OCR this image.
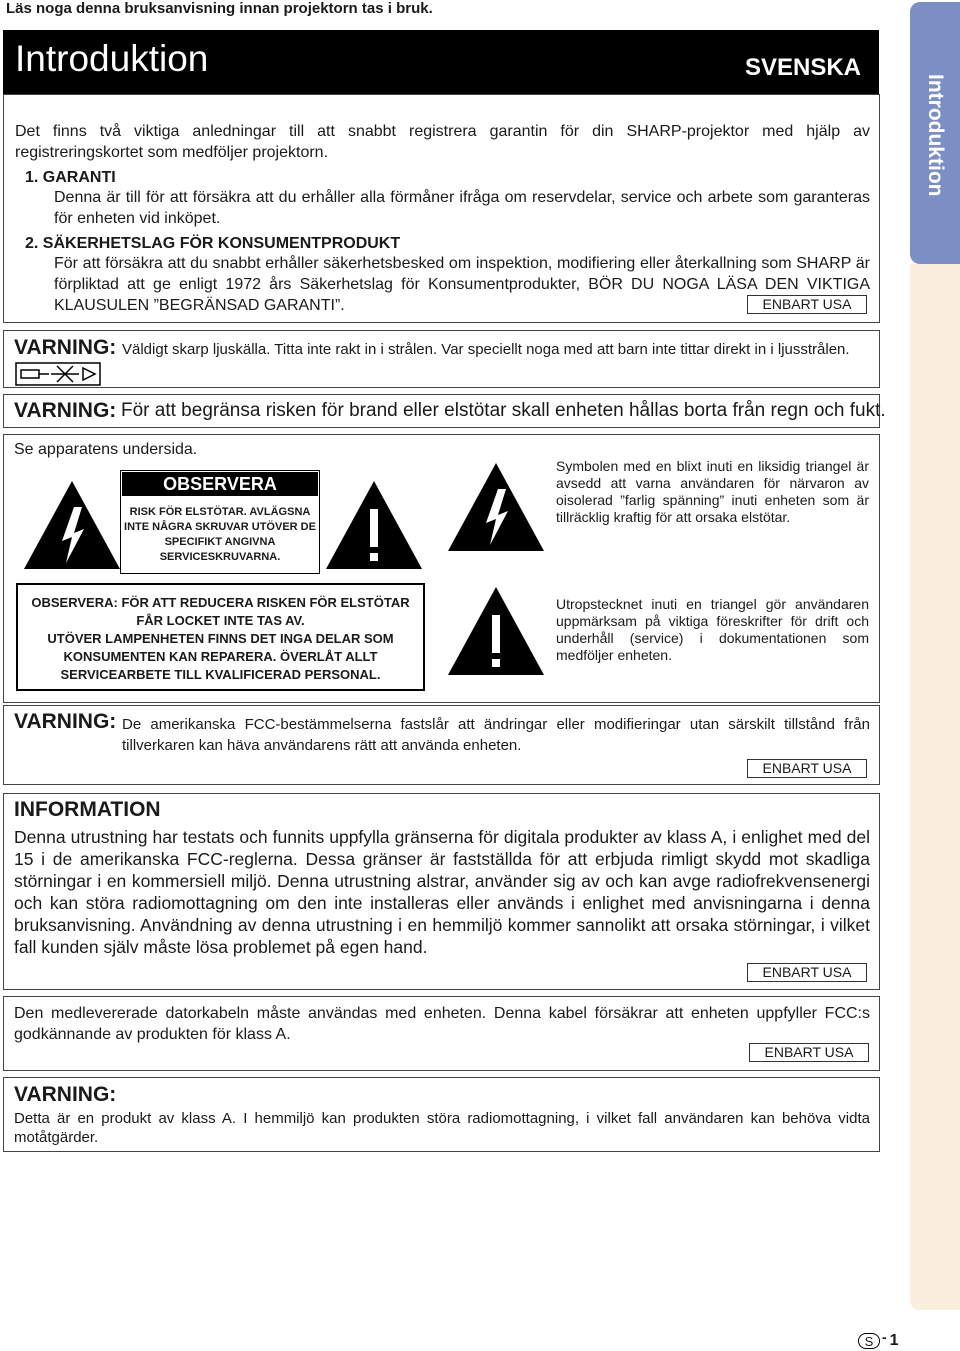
Läs noga denna bruksanvisning innan projektorn tas i bruk.
Introduktion	SVENSKA
Introduktion

Det finns två viktiga anledningar till att snabbt registrera garantin för din SHARP-projektor med hjälp av registreringskortet som medföljer projektorn.

1. GARANTI

Denna är till för att försäkra att du erhåller alla förmåner ifråga om reservdelar, service och arbete som garanteras för enheten vid inköpet.

2. SÄKERHETSLAG FÖR KONSUMENTPRODUKT

För att försäkra att du snabbt erhåller säkerhetsbesked om inspektion, modifiering eller återkallning som SHARP är förpliktad att ge enligt 1972 års Säkerhetslag för Konsumentprodukter, BÖR DU NOGA LÄSA DEN VIKTIGA KLAUSULEN ”BEGRÄNSAD GARANTI”.	ENBART USA
VARNING: Väldigt skarp ljuskälla. Titta inte rakt in i strålen. Var speciellt noga med att barn inte tittar direkt in i ljusstrålen.
VARNING: För att begränsa risken för brand eller elstötar skall enheten hållas borta från regn och fukt.
Se apparatens undersida.
OBSERVERA
RISK FÖR ELSTÖTAR. AVLÄGSNA INTE NÅGRA SKRUVAR UTÖVER DE SPECIFIKT ANGIVNA SERVICESKRUVARNA.
OBSERVERA: FÖR ATT REDUCERA RISKEN FÖR ELSTÖTAR
FÅR LOCKET INTE TAS AV.
UTÖVER LAMPENHETEN FINNS DET INGA DELAR SOM
KONSUMENTEN KAN REPARERA. ÖVERLÅT ALLT
SERVICEARBETE TILL KVALIFICERAD PERSONAL.

Symbolen med en blixt inuti en liksidig triangel är avsedd att varna användaren för närvaron av oisolerad ”farlig spänning” inuti enheten som är tillräcklig kraftig för att orsaka elstötar.

Utropstecknet inuti en triangel gör användaren uppmärksam på viktiga föreskrifter för drift och underhåll (service) i dokumentationen som medföljer enheten.

VARNING: De amerikanska FCC-bestämmelserna fastslår att ändringar eller modifieringar utan särskilt tillstånd från tillverkaren kan häva användarens rätt att använda enheten.

ENBART USA
INFORMATION

Denna utrustning har testats och funnits uppfylla gränserna för digitala produkter av klass A, i enlighet med del 15 i de amerikanska FCC-reglerna. Dessa gränser är fastställda för att erbjuda rimligt skydd mot skadliga störningar i en kommersiell miljö. Denna utrustning alstrar, använder sig av och kan avge radiofrekvensenergi och kan störa radiomottagning om den inte installeras eller används i enlighet med anvisningarna i denna bruksanvisning. Användning av denna utrustning i en hemmiljö kommer sannolikt att orsaka störningar, i vilket fall kunden själv måste lösa problemet på egen hand.

ENBART USA

Den medlevererade datorkabeln måste användas med enheten. Denna kabel försäkrar att enheten uppfyller FCC:s godkännande av produkten för klass A.

ENBART USA
VARNING:

Detta är en produkt av klass A. I hemmiljö kan produkten störa radiomottagning, i vilket fall användaren kan behöva vidta motåtgärder.

S - 1
